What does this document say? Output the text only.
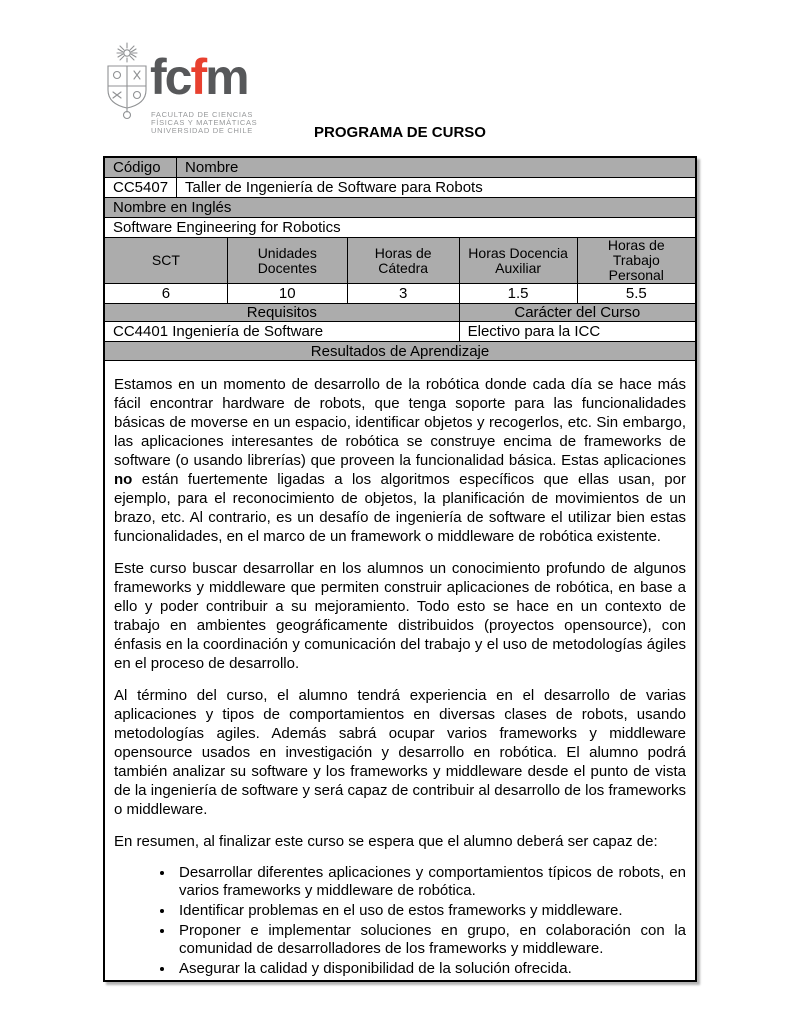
fcfm
FACULTAD DE CIENCIAS
FÍSICAS Y MATEMÁTICAS
UNIVERSIDAD DE CHILE	PROGRAMA DE CURSO
Código	Nombre				
CC5407	Taller de Ingeniería de Software para Robots				
Nombre en Inglés					
Software Engineering for Robotics					
SCT		Unidades Docentes	Horas de Cátedra	Horas Docencia Auxiliar	Horas de Trabajo Personal
6		10	3	1.5	5.5
Requisitos				Carácter del Curso	
CC4401 Ingeniería de Software				Electivo para la ICC	
Resultados de Aprendizaje					

Estamos en un momento de desarrollo de la robótica donde cada día se hace más fácil encontrar hardware de robots, que tenga soporte para las funcionalidades básicas de moverse en un espacio, identificar objetos y recogerlos, etc. Sin embargo, las aplicaciones interesantes de robótica se construye encima de frameworks de software (o usando librerías) que proveen la funcionalidad básica. Estas aplicaciones no están fuertemente ligadas a los algoritmos específicos que ellas usan, por ejemplo, para el reconocimiento de objetos, la planificación de movimientos de un brazo, etc. Al contrario, es un desafío de ingeniería de software el utilizar bien estas funcionalidades, en el marco de un framework o middleware de robótica existente.

Este curso buscar desarrollar en los alumnos un conocimiento profundo de algunos frameworks y middleware que permiten construir aplicaciones de robótica, en base a ello y poder contribuir a su mejoramiento. Todo esto se hace en un contexto de trabajo en ambientes geográficamente distribuidos (proyectos opensource), con énfasis en la coordinación y comunicación del trabajo y el uso de metodologías ágiles en el proceso de desarrollo.

Al término del curso, el alumno tendrá experiencia en el desarrollo de varias aplicaciones y tipos de comportamientos en diversas clases de robots, usando metodologías agiles. Además sabrá ocupar varios frameworks y middleware opensource usados en investigación y desarrollo en robótica. El alumno podrá también analizar su software y los frameworks y middleware desde el punto de vista de la ingeniería de software y será capaz de contribuir al desarrollo de los frameworks o middleware.

En resumen, al finalizar este curso se espera que el alumno deberá ser capaz de:

• Desarrollar diferentes aplicaciones y comportamientos típicos de robots, en varios frameworks y middleware de robótica.
• Identificar problemas en el uso de estos frameworks y middleware.
• Proponer e implementar soluciones en grupo, en colaboración con la comunidad de desarrolladores de los frameworks y middleware.
• Asegurar la calidad y disponibilidad de la solución ofrecida.
